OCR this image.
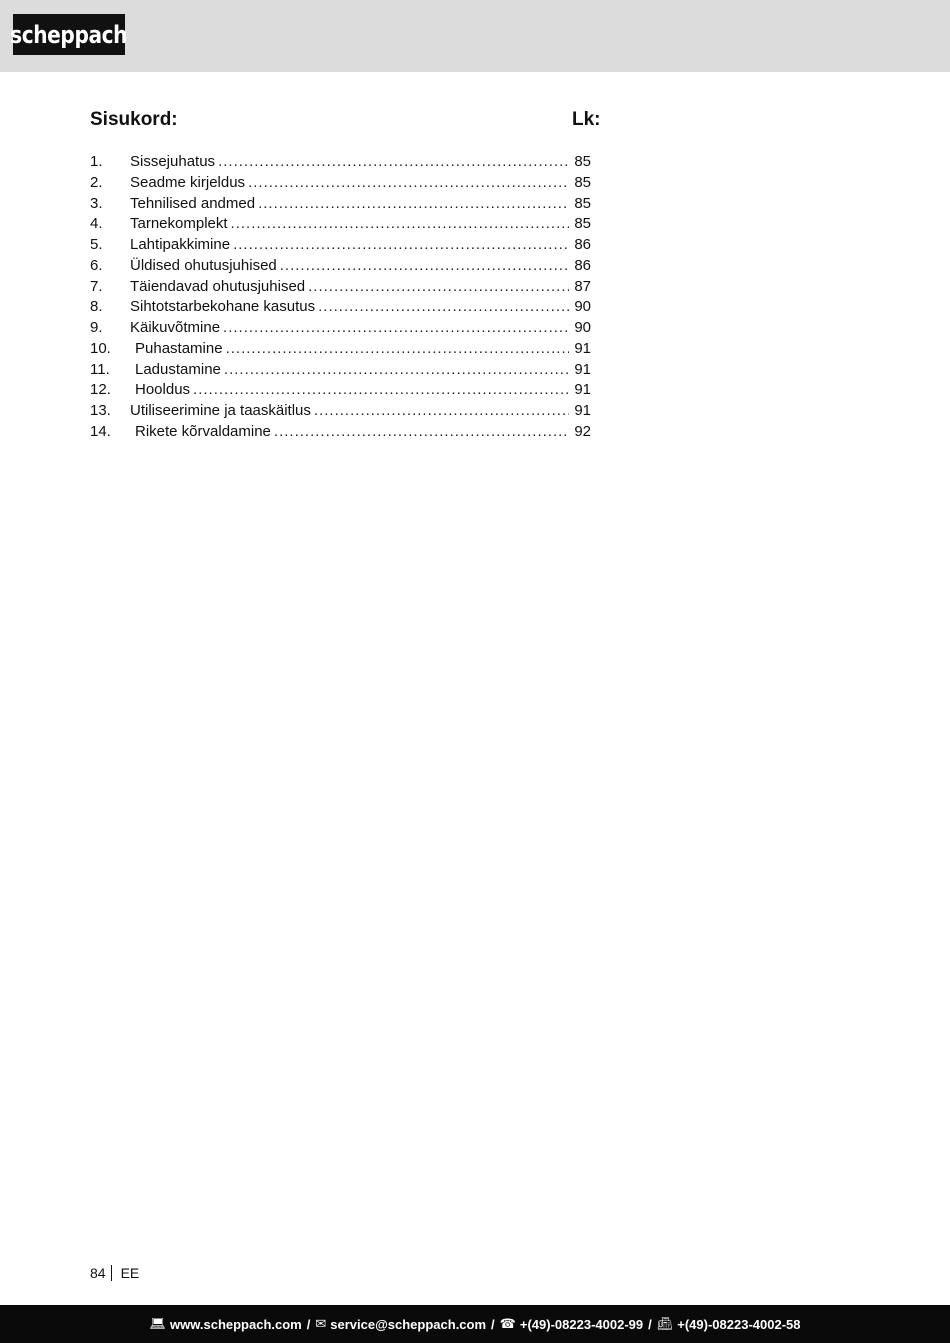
scheppach
Sisukord:	Lk:
1.	Sissejuhatus .....	85
2.	Seadme kirjeldus .....	85
3.	Tehnilised andmed .....	85
4.	Tarnekomplekt .....	85
5.	Lahtipakkimine .....	86
6.	Üldised ohutusjuhised .....	86
7.	Täiendavad ohutusjuhised .....	87
8.	Sihtotstarbekohane kasutus .....	90
9.	Käikuvõtmine .....	90
10.	Puhastamine .....	91
11.	Ladustamine .....	91
12.	Hooldus .....	91
13.	Utiliseerimine ja taaskäitlus .....	91
14.	Rikete kõrvaldamine .....	92
84 EE
💻︎ www.scheppach.com / ✉︎ service@scheppach.com / ☎︎ +(49)-08223-4002-99 / 📠︎ +(49)-08223-4002-58
